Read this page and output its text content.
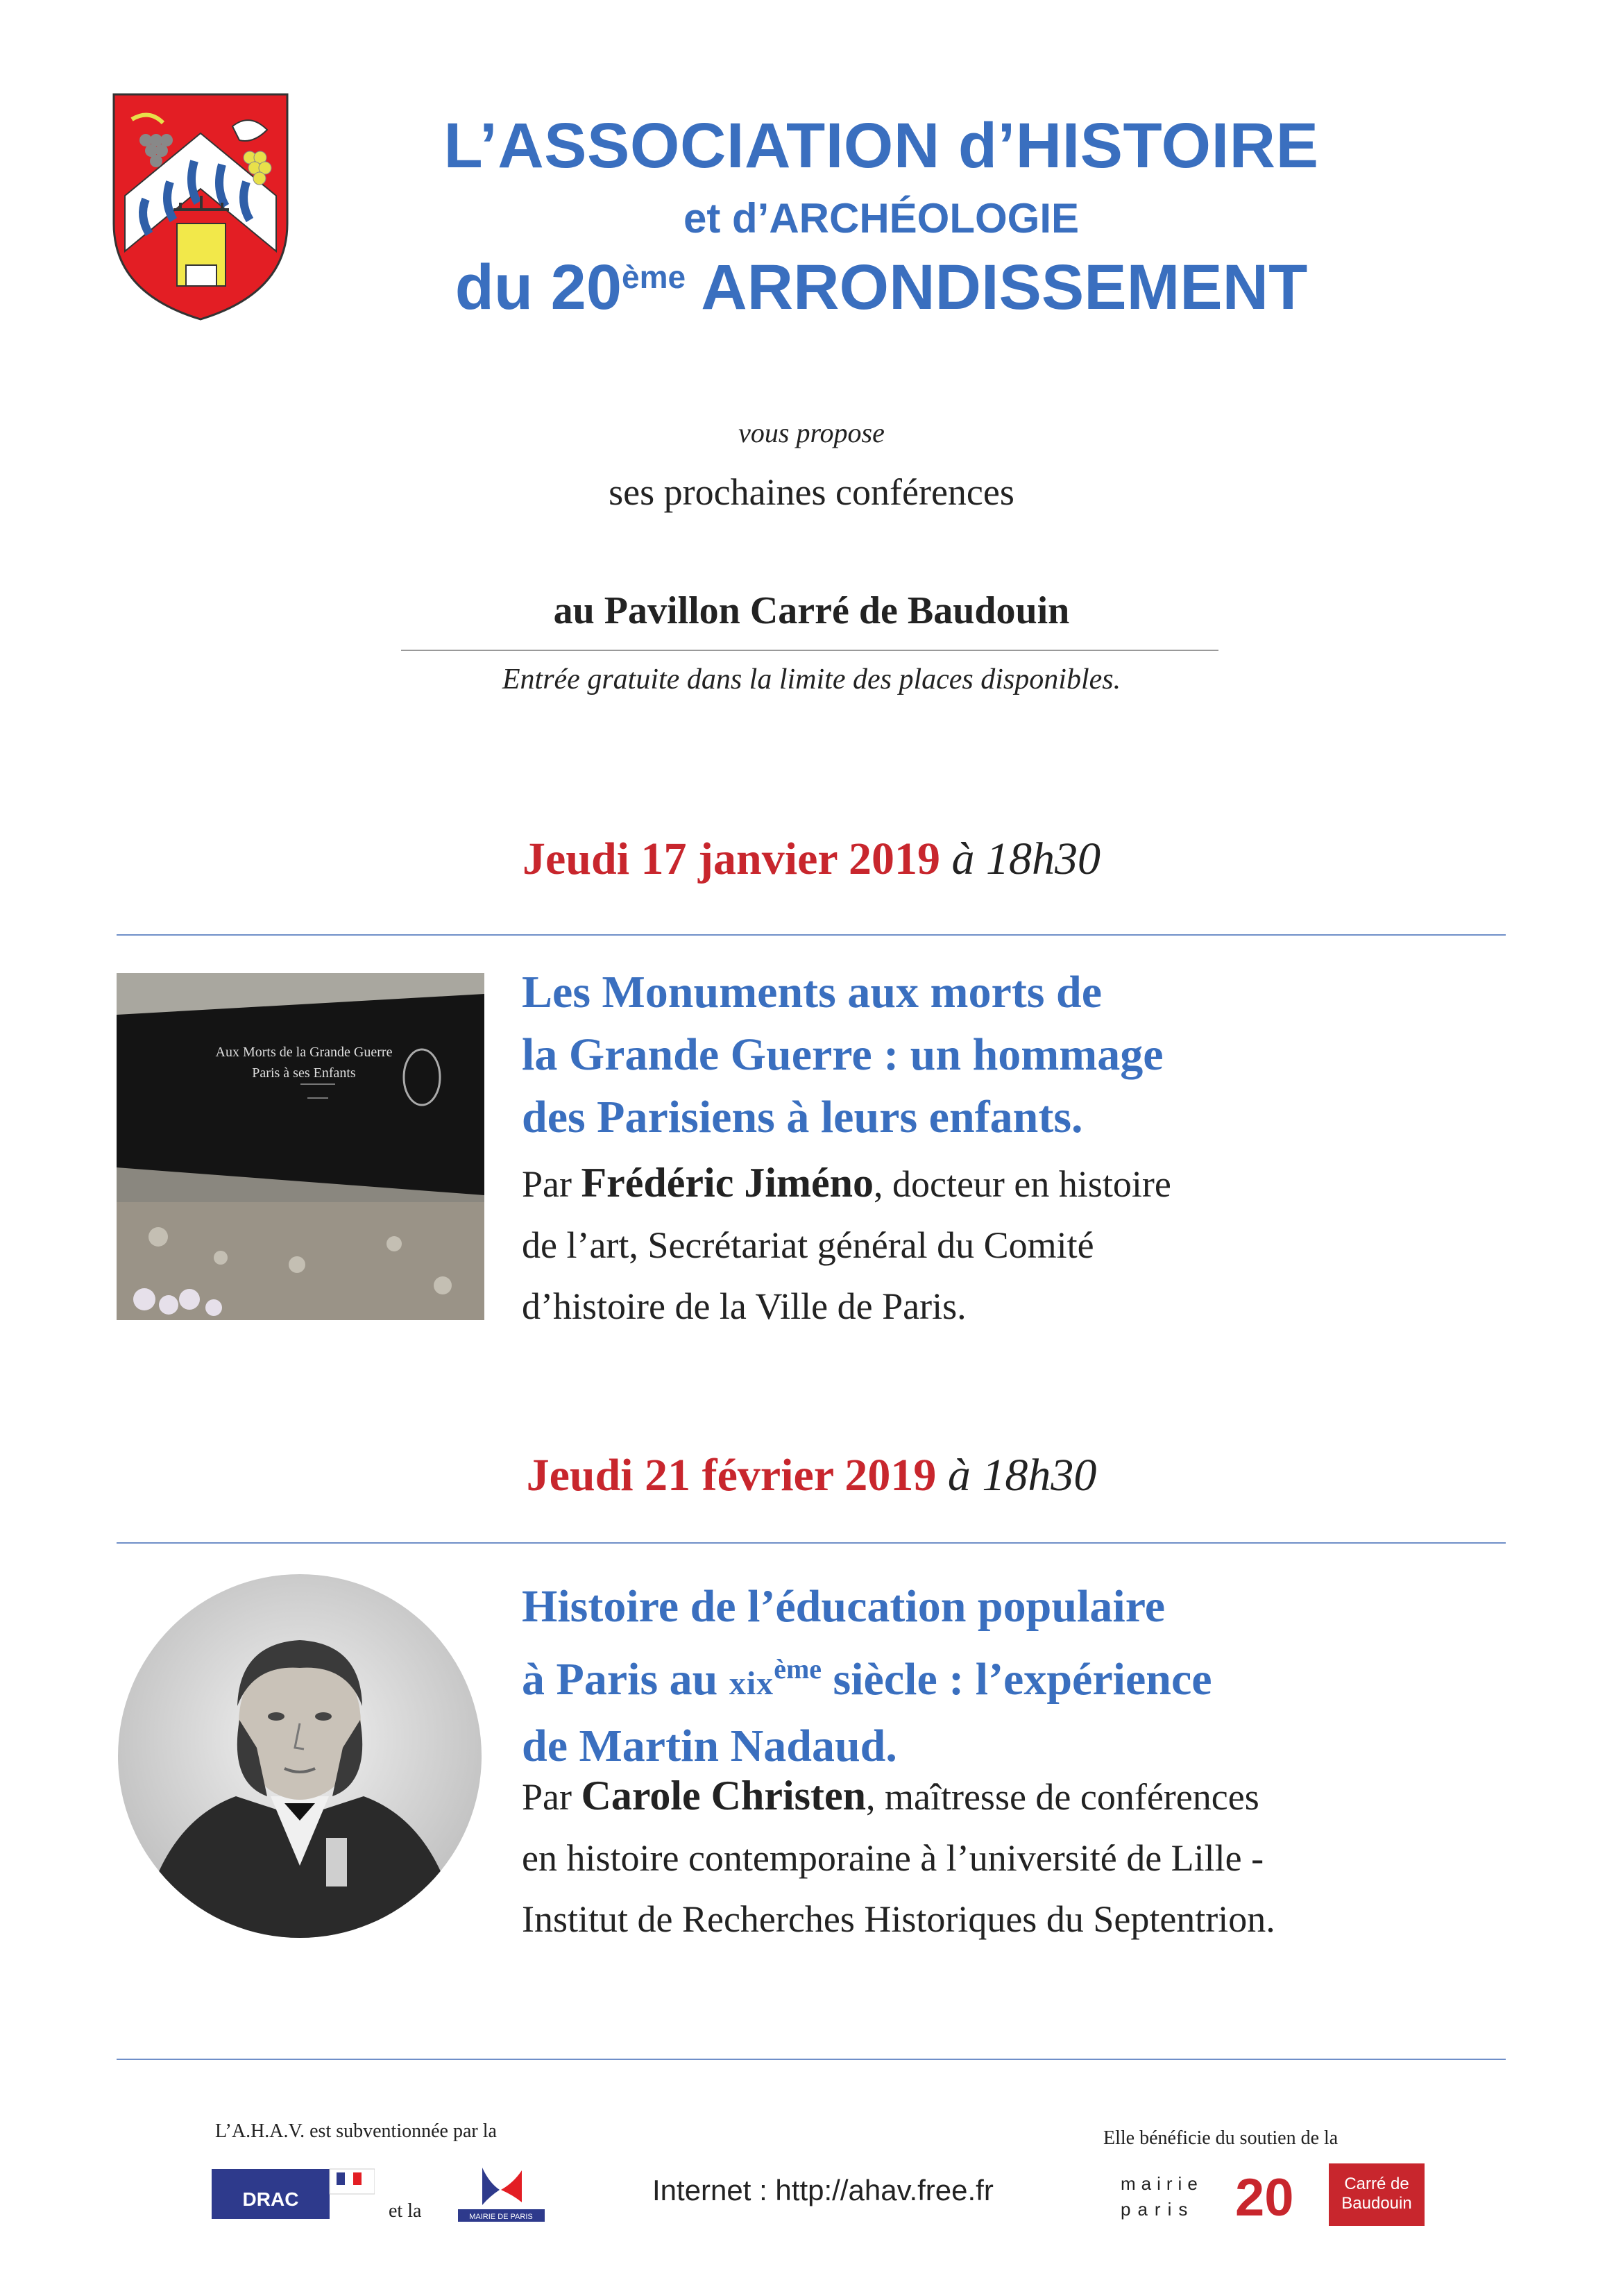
L’ASSOCIATION d’HISTOIRE
et d’ARCHÉOLOGIE
du 20ème ARRONDISSEMENT
vous propose
ses prochaines conférences
au Pavillon Carré de Baudouin
Entrée gratuite dans la limite des places disponibles.
Jeudi 17 janvier 2019 à 18h30
Aux Morts de la Grande Guerre
Paris à ses Enfants
Les Monuments aux morts de
la Grande Guerre : un hommage
des Parisiens à leurs enfants.
Par Frédéric Jiméno, docteur en histoire
de l’art, Secrétariat général du Comité
d’histoire de la Ville de Paris.
Jeudi 21 février 2019 à 18h30
Histoire de l’éducation populaire
à Paris au xix$^{ème}$ siècle : l’expérience
de Martin Nadaud.
Par Carole Christen, maîtresse de conférences
en histoire contemporaine à l’université de Lille -
Institut de Recherches Historiques du Septentrion.
L’A.H.A.V. est subventionnée par la
DRAC
et la	MAIRIE DE PARIS
Internet : http://ahav.free.fr
Elle bénéficie du soutien de la
mairie
paris 20	Carré de
Baudouin
